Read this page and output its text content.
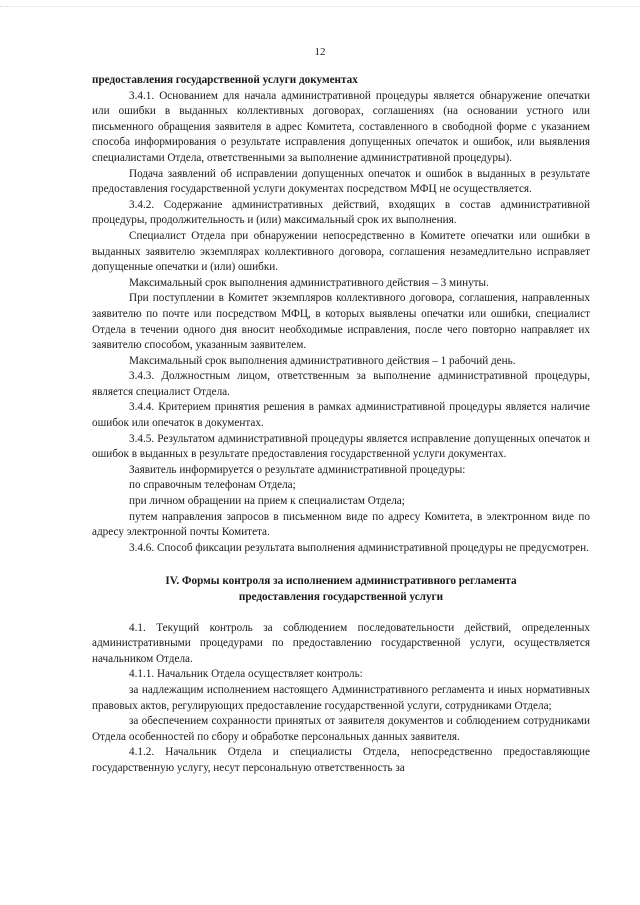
12

предоставления государственной услуги документах

3.4.1. Основанием для начала административной процедуры является обнаружение опечатки или ошибки в выданных коллективных договорах, соглашениях (на основании устного или письменного обращения заявителя в адрес Комитета, составленного в свободной форме с указанием способа информирования о результате исправления допущенных опечаток и ошибок, или выявления специалистами Отдела, ответственными за выполнение административной процедуры).

Подача заявлений об исправлении допущенных опечаток и ошибок в выданных в результате предоставления государственной услуги документах посредством МФЦ не осуществляется.

3.4.2. Содержание административных действий, входящих в состав административной процедуры, продолжительность и (или) максимальный срок их выполнения.

Специалист Отдела при обнаружении непосредственно в Комитете опечатки или ошибки в выданных заявителю экземплярах коллективного договора, соглашения незамедлительно исправляет допущенные опечатки и (или) ошибки.

Максимальный срок выполнения административного действия – 3 минуты.

При поступлении в Комитет экземпляров коллективного договора, соглашения, направленных заявителю по почте или посредством МФЦ, в которых выявлены опечатки или ошибки, специалист Отдела в течении одного дня вносит необходимые исправления, после чего повторно направляет их заявителю способом, указанным заявителем.

Максимальный срок выполнения административного действия – 1 рабочий день.

3.4.3. Должностным лицом, ответственным за выполнение административной процедуры, является специалист Отдела.

3.4.4. Критерием принятия решения в рамках административной процедуры является наличие ошибок или опечаток в документах.

3.4.5. Результатом административной процедуры является исправление допущенных опечаток и ошибок в выданных в результате предоставления государственной услуги документах.

Заявитель информируется о результате административной процедуры:

по справочным телефонам Отдела;

при личном обращении на прием к специалистам Отдела;

путем направления запросов в письменном виде по адресу Комитета, в электронном виде по адресу электронной почты Комитета.

3.4.6. Способ фиксации результата выполнения административной процедуры не предусмотрен.

IV. Формы контроля за исполнением административного регламента

предоставления государственной услуги

4.1. Текущий контроль за соблюдением последовательности действий, определенных административными процедурами по предоставлению государственной услуги, осуществляется начальником Отдела.

4.1.1. Начальник Отдела осуществляет контроль:

за надлежащим исполнением настоящего Административного регламента и иных нормативных правовых актов, регулирующих предоставление государственной услуги, сотрудниками Отдела;

за обеспечением сохранности принятых от заявителя документов и соблюдением сотрудниками Отдела особенностей по сбору и обработке персональных данных заявителя.

4.1.2. Начальник Отдела и специалисты Отдела, непосредственно предоставляющие государственную услугу, несут персональную ответственность за
